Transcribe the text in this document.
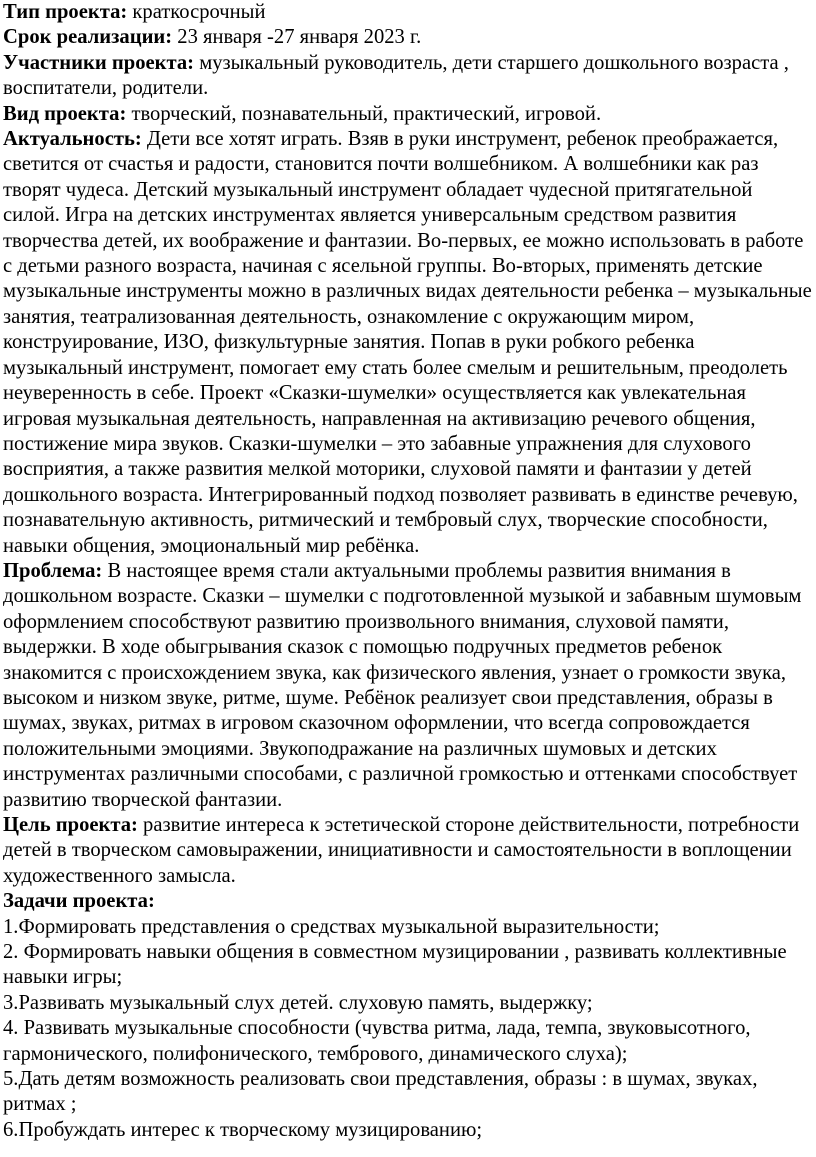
Тип проекта: краткосрочный

Срок реализации: 23 января -27 января 2023 г.

Участники проекта: музыкальный руководитель, дети старшего дошкольного возраста , воспитатели, родители.

Вид проекта: творческий, познавательный, практический, игровой.

Актуальность: Дети все хотят играть. Взяв в руки инструмент, ребенок преображается, светится от счастья и радости, становится почти волшебником. А волшебники как раз творят чудеса. Детский музыкальный инструмент обладает чудесной притягательной силой. Игра на детских инструментах является универсальным средством развития творчества детей, их воображение и фантазии. Во-первых, ее можно использовать в работе с детьми разного возраста, начиная с ясельной группы. Во-вторых, применять детские музыкальные инструменты можно в различных видах деятельности ребенка – музыкальные занятия, театрализованная деятельность, ознакомление с окружающим миром, конструирование, ИЗО, физкультурные занятия. Попав в руки робкого ребенка музыкальный инструмент, помогает ему стать более смелым и решительным, преодолеть неуверенность в себе. Проект «Сказки-шумелки» осуществляется как увлекательная игровая музыкальная деятельность, направленная на активизацию речевого общения, постижение мира звуков. Сказки-шумелки – это забавные упражнения для слухового восприятия, а также развития мелкой моторики, слуховой памяти и фантазии у детей дошкольного возраста. Интегрированный подход позволяет развивать в единстве речевую, познавательную активность, ритмический и тембровый слух, творческие способности, навыки общения, эмоциональный мир ребёнка.

Проблема: В настоящее время стали актуальными проблемы развития внимания в дошкольном возрасте. Сказки – шумелки с подготовленной музыкой и забавным шумовым оформлением способствуют развитию произвольного внимания, слуховой памяти, выдержки. В ходе обыгрывания сказок с помощью подручных предметов ребенок знакомится с происхождением звука, как физического явления, узнает о громкости звука, высоком и низком звуке, ритме, шуме. Ребёнок реализует свои представления, образы в шумах, звуках, ритмах в игровом сказочном оформлении, что всегда сопровождается положительными эмоциями. Звукоподражание на различных шумовых и детских инструментах различными способами, с различной громкостью и оттенками способствует развитию творческой фантазии.

Цель проекта: развитие интереса к эстетической стороне действительности, потребности детей в творческом самовыражении, инициативности и самостоятельности в воплощении художественного замысла.

Задачи проекта:

1.Формировать представления о средствах музыкальной выразительности;

2. Формировать навыки общения в совместном музицировании , развивать коллективные навыки игры;

3.Развивать музыкальный слух детей. слуховую память, выдержку;

4. Развивать музыкальные способности (чувства ритма, лада, темпа, звуковысотного, гармонического, полифонического, тембрового, динамического слуха);

5.Дать детям возможность реализовать свои представления, образы : в шумах, звуках, ритмах ;

6.Пробуждать интерес к творческому музицированию;
